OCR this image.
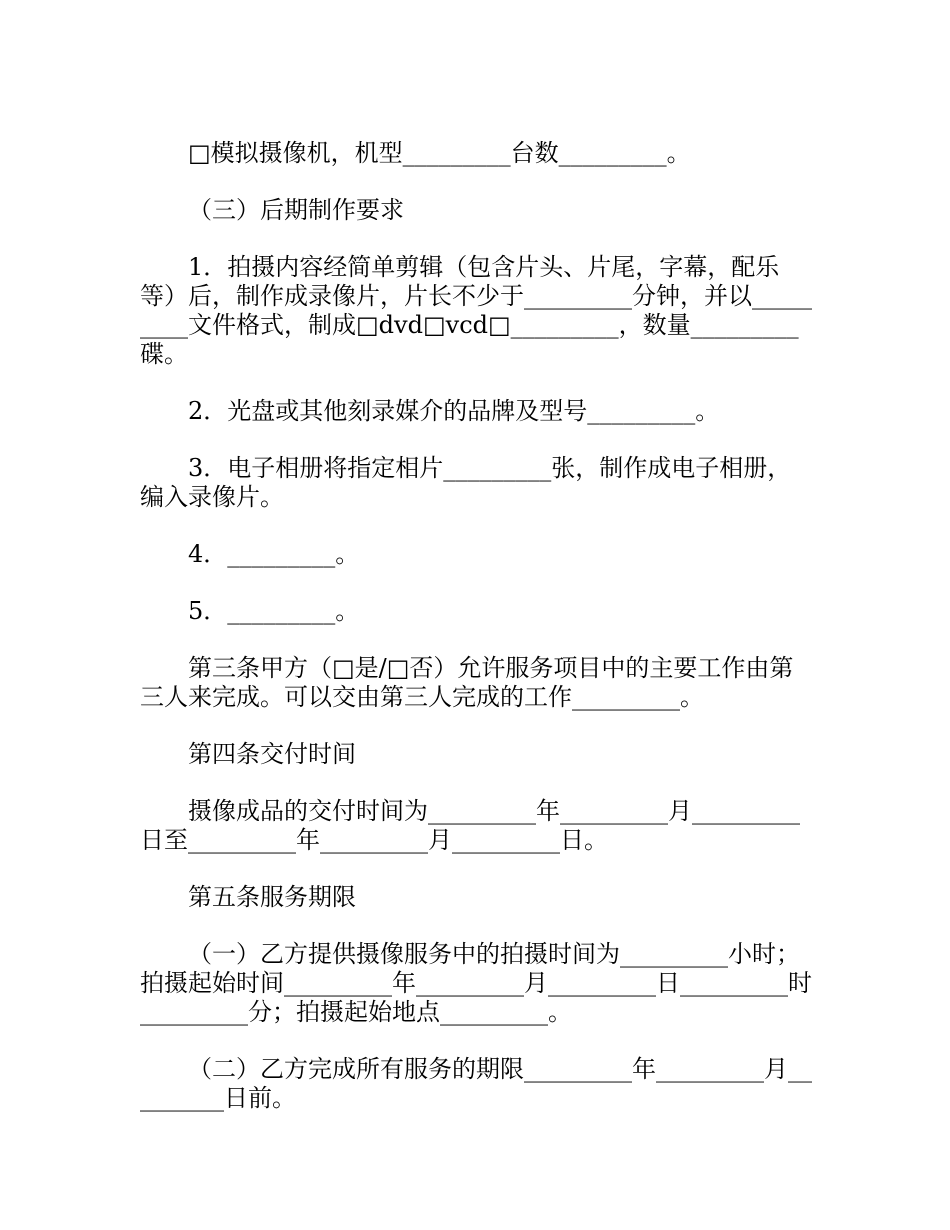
□模拟摄像机，机型_________台数_________。

（三）后期制作要求

1．拍摄内容经简单剪辑（包含片头、片尾，字幕，配乐等）后，制作成录像片，片长不少于_________分钟，并以_________文件格式，制成□dvd□vcd□_________，数量_________碟。

2．光盘或其他刻录媒介的品牌及型号_________。

3．电子相册将指定相片_________张，制作成电子相册，编入录像片。

4．_________。

5．_________。

第三条甲方（□是/□否）允许服务项目中的主要工作由第三人来完成。可以交由第三人完成的工作_________。

第四条交付时间

摄像成品的交付时间为_________年_________月_________日至_________年_________月_________日。

第五条服务期限

（一）乙方提供摄像服务中的拍摄时间为_________小时；拍摄起始时间_________年_________月_________日_________时_________分；拍摄起始地点_________。

（二）乙方完成所有服务的期限_________年_________月_________日前。
